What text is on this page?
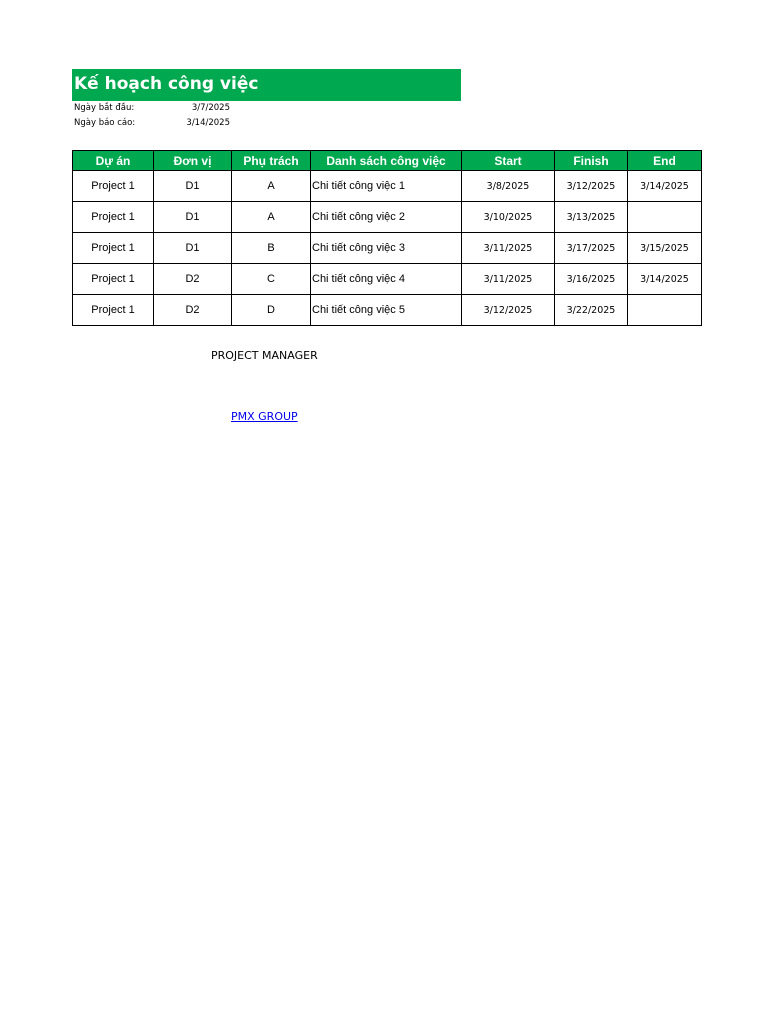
Kế hoạch công việc
Ngày bắt đầu:	3/7/2025
Ngày báo cáo:	3/14/2025
Dự án	Đơn vị	Phụ trách	Danh sách công việc	Start	Finish	End
Project 1	D1	A	Chi tiết công việc 1	3/8/2025	3/12/2025	3/14/2025
Project 1	D1	A	Chi tiết công việc 2	3/10/2025	3/13/2025	
Project 1	D1	B	Chi tiết công việc 3	3/11/2025	3/17/2025	3/15/2025
Project 1	D2	C	Chi tiết công việc 4	3/11/2025	3/16/2025	3/14/2025
Project 1	D2	D	Chi tiết công việc 5	3/12/2025	3/22/2025	
PROJECT MANAGER
PMX GROUP
